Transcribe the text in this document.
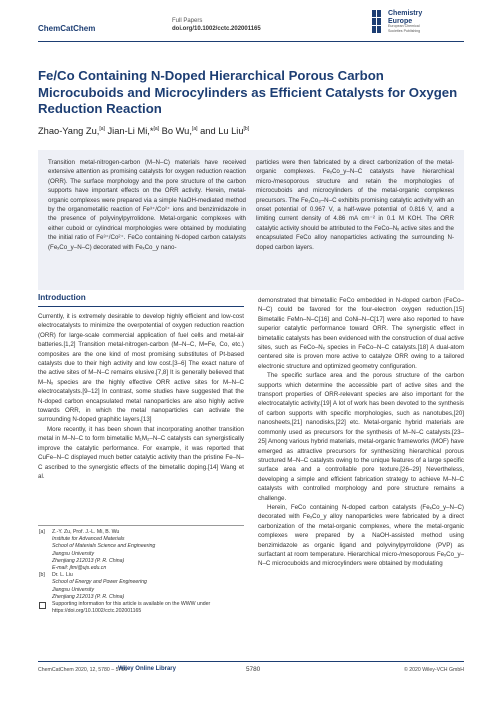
ChemCatChem
Full Papers
doi.org/10.1002/cctc.202001165
Chemistry
Europe
European Chemical
Societies Publishing
Fe/Co Containing N-Doped Hierarchical Porous Carbon Microcuboids and Microcylinders as Efficient Catalysts for Oxygen Reduction Reaction
Zhao-Yang Zu,[a] Jian-Li Mi,*[a] Bo Wu,[a] and Lu Liu[b]
Transition metal-nitrogen-carbon (M–N–C) materials have received extensive attention as promising catalysts for oxygen reduction reaction (ORR). The surface morphology and the pore structure of the carbon supports have important effects on the ORR activity. Herein, metal-organic complexes were prepared via a simple NaOH-mediated method by the organometallic reaction of Fe³⁺/Co²⁺ ions and benzimidazole in the presence of polyvinylpyrrolidone. Metal-organic complexes with either cuboid or cylindrical morphologies were obtained by modulating the initial ratio of Fe³⁺/Co²⁺. FeCo containing N-doped carbon catalysts (FeₓCo_y–N–C) decorated with FeₓCo_y nano-
particles were then fabricated by a direct carbonization of the metal-organic complexes. FeₓCo_y–N–C catalysts have hierarchical micro-/mesoporous structure and retain the morphologies of microcuboids and microcylinders of the metal-organic complexes precursors. The Fe₁Co₃–N–C exhibits promising catalytic activity with an onset potential of 0.967 V, a half-wave potential of 0.816 V, and a limiting current density of 4.86 mA cm⁻² in 0.1 M KOH. The ORR catalytic activity should be attributed to the FeCo–Nₓ active sites and the encapsulated FeCo alloy nanoparticles activating the surrounding N-doped carbon layers.
Introduction

Currently, it is extremely desirable to develop highly efficient and low-cost electrocatalysts to minimize the overpotential of oxygen reduction reaction (ORR) for large-scale commercial application of fuel cells and metal-air batteries.[1,2] Transition metal-nitrogen-carbon (M–N–C, M=Fe, Co, etc.) composites are the one kind of most promising substitutes of Pt-based catalysts due to their high activity and low cost.[3–6] The exact nature of the active sites of M–N–C remains elusive.[7,8] It is generally believed that M–Nₓ species are the highly effective ORR active sites for M–N–C electrocatalysts.[9–12] In contrast, some studies have suggested that the N-doped carbon encapsulated metal nanoparticles are also highly active towards ORR, in which the metal nanoparticles can activate the surrounding N-doped graphitic layers.[13]

More recently, it has been shown that incorporating another transition metal in M–N–C to form bimetallic M₁M₂–N–C catalysts can synergistically improve the catalytic performance. For example, it was reported that CuFe–N–C displayed much better catalytic activity than the pristine Fe–N–C ascribed to the synergistic effects of the bimetallic doping.[14] Wang et al.

[a] Z.-Y. Zu, Prof. J.-L. Mi, B. Wu
Institute for Advanced Materials
School of Materials Science and Engineering
Jiangsu University
Zhenjiang 212013 (P. R. China)
E-mail: jlmi@ujs.edu.cn
[b] Dr. L. Liu
School of Energy and Power Engineering
Jiangsu University
Zhenjiang 212013 (P. R. China)
Supporting information for this article is available on the WWW under
https://doi.org/10.1002/cctc.202001165

demonstrated that bimetallic FeCo embedded in N-doped carbon (FeCo–N–C) could be favored for the four-electron oxygen reduction.[15] Bimetallic FeMn–N–C[16] and CoNi–N–C[17] were also reported to have superior catalytic performance toward ORR. The synergistic effect in bimetallic catalysts has been evidenced with the construction of dual active sites, such as FeCo–Nₓ species in FeCo–N–C catalysts.[18] A dual-atom centered site is proven more active to catalyze ORR owing to a tailored electronic structure and optimized geometry configuration.

The specific surface area and the porous structure of the carbon supports which determine the accessible part of active sites and the transport properties of ORR-relevant species are also important for the electrocatalytic activity.[19] A lot of work has been devoted to the synthesis of carbon supports with specific morphologies, such as nanotubes,[20] nanosheets,[21] nanodisks,[22] etc. Metal-organic hybrid materials are commonly used as precursors for the synthesis of M–N–C catalysts.[23–25] Among various hybrid materials, metal-organic frameworks (MOF) have emerged as attractive precursors for synthesizing hierarchical porous structured M–N–C catalysts owing to the unique features of a large specific surface area and a controllable pore texture.[26–29] Nevertheless, developing a simple and efficient fabrication strategy to achieve M–N–C catalysts with controlled morphology and pore structure remains a challenge.

Herein, FeCo containing N-doped carbon catalysts (FeₓCo_y–N–C) decorated with FeₓCo_y alloy nanoparticles were fabricated by a direct carbonization of the metal-organic complexes, where the metal-organic complexes were prepared by a NaOH-assisted method using benzimidazole as organic ligand and polyvinylpyrrolidone (PVP) as surfactant at room temperature. Hierarchical micro-/mesoporous FeₓCo_y–N–C microcuboids and microcylinders were obtained by modulating

ChemCatChem 2020, 12, 5780 – 5786
Wiley Online Library	5780	© 2020 Wiley-VCH GmbH
